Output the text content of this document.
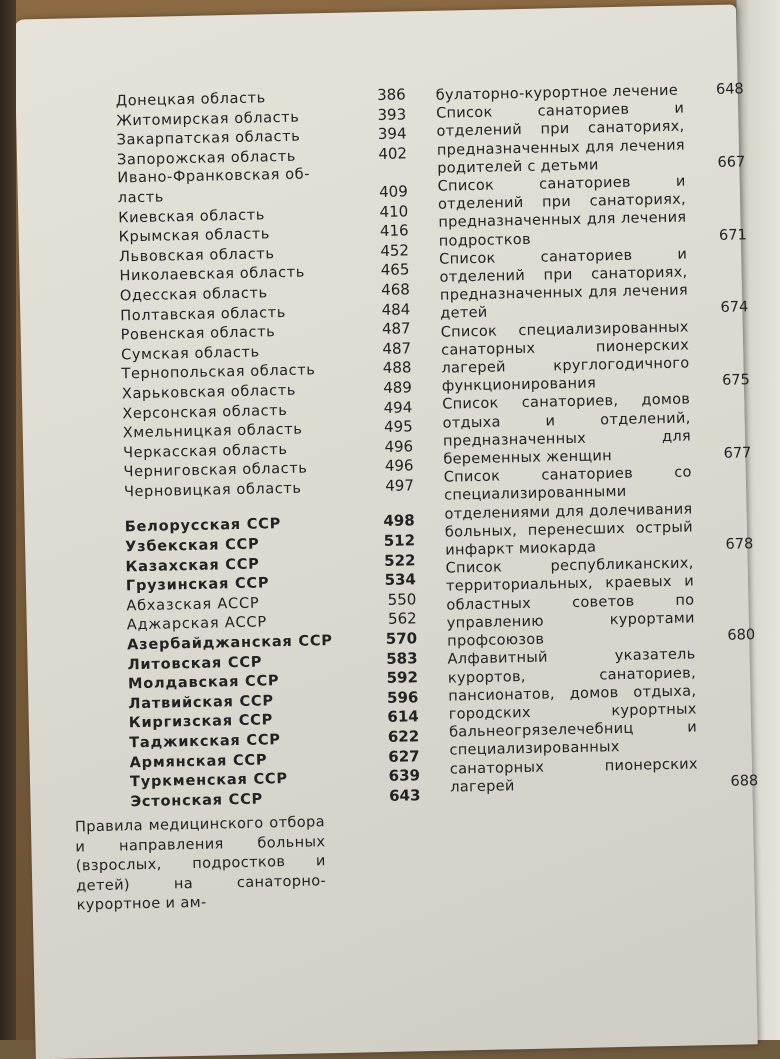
Донецкая область	386
Житомирская область	393
Закарпатская область	394
Запорожская область	402
Ивано-Франковская об-
ласть	409
Киевская область	410
Крымская область	416
Львовская область	452
Николаевская область	465
Одесская область	468
Полтавская область	484
Ровенская область	487
Сумская область	487
Тернопольская область	488
Харьковская область	489
Херсонская область	494
Хмельницкая область	495
Черкасская область	496
Черниговская область	496
Черновицкая область	497
Белорусская ССР	498
Узбекская ССР	512
Казахская ССР	522
Грузинская ССР	534
Абхазская АССР	550
Аджарская АССР	562
Азербайджанская ССР	570
Литовская ССР	583
Молдавская ССР	592
Латвийская ССР	596
Киргизская ССР	614
Таджикская ССР	622
Армянская ССР	627
Туркменская ССР	639
Эстонская ССР	643
Правила медицинского отбора и направления больных (взрослых, подростков и детей) на санаторно-курортное и ам-
булаторно-курортное лечение	648
Список санаториев и отделений при санаториях, предназначенных для лечения родителей с детьми	667
Список санаториев и отделений при санаториях, предназначенных для лечения подростков	671
Список санаториев и отделений при санаториях, предназначенных для лечения детей	674
Список специализированных санаторных пионерских лагерей круглогодичного функционирования	675
Список санаториев, домов отдыха и отделений, предназначенных для беременных женщин	677
Список санаториев со специализированными отделениями для долечивания больных, перенесших острый инфаркт миокарда	678
Список республиканских, территориальных, краевых и областных советов по управлению курортами профсоюзов	680
Алфавитный указатель курортов, санаториев, пансионатов, домов отдыха, городских курортных бальнеогрязелечебниц и специализированных санаторных пионерских лагерей	688
